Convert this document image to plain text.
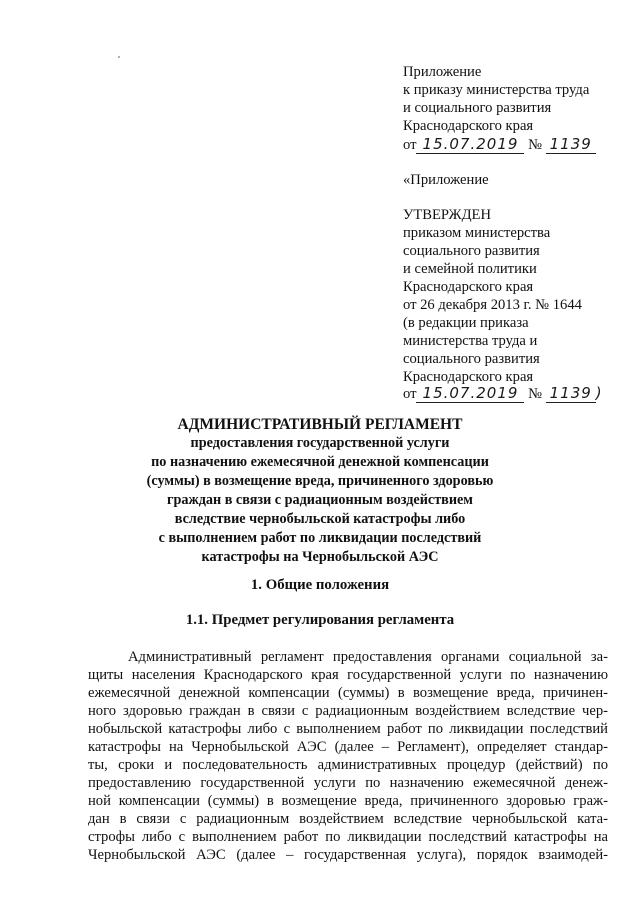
Приложение
к приказу министерства труда
и социального развития
Краснодарского края
от 15.07.2019 № 1139
«Приложение
УТВЕРЖДЕН
приказом министерства
социального развития
и семейной политики
Краснодарского края
от 26 декабря 2013 г. № 1644
(в редакции приказа
министерства труда и
социального развития
Краснодарского края
от 15.07.2019 № 1139 )
АДМИНИСТРАТИВНЫЙ РЕГЛАМЕНТ
предоставления государственной услуги
по назначению ежемесячной денежной компенсации
(суммы) в возмещение вреда, причиненного здоровью
граждан в связи с радиационным воздействием
вследствие чернобыльской катастрофы либо
с выполнением работ по ликвидации последствий
катастрофы на Чернобыльской АЭС
1. Общие положения
1.1. Предмет регулирования регламента
Административный регламент предоставления органами социальной за-
щиты населения Краснодарского края государственной услуги по назначению
ежемесячной денежной компенсации (суммы) в возмещение вреда, причинен-
ного здоровью граждан в связи с радиационным воздействием вследствие чер-
нобыльской катастрофы либо с выполнением работ по ликвидации последствий
катастрофы на Чернобыльской АЭС (далее – Регламент), определяет стандар-
ты, сроки и последовательность административных процедур (действий) по
предоставлению государственной услуги по назначению ежемесячной денеж-
ной компенсации (суммы) в возмещение вреда, причиненного здоровью граж-
дан в связи с радиационным воздействием вследствие чернобыльской ката-
строфы либо с выполнением работ по ликвидации последствий катастрофы на
Чернобыльской АЭС (далее – государственная услуга), порядок взаимодей-
